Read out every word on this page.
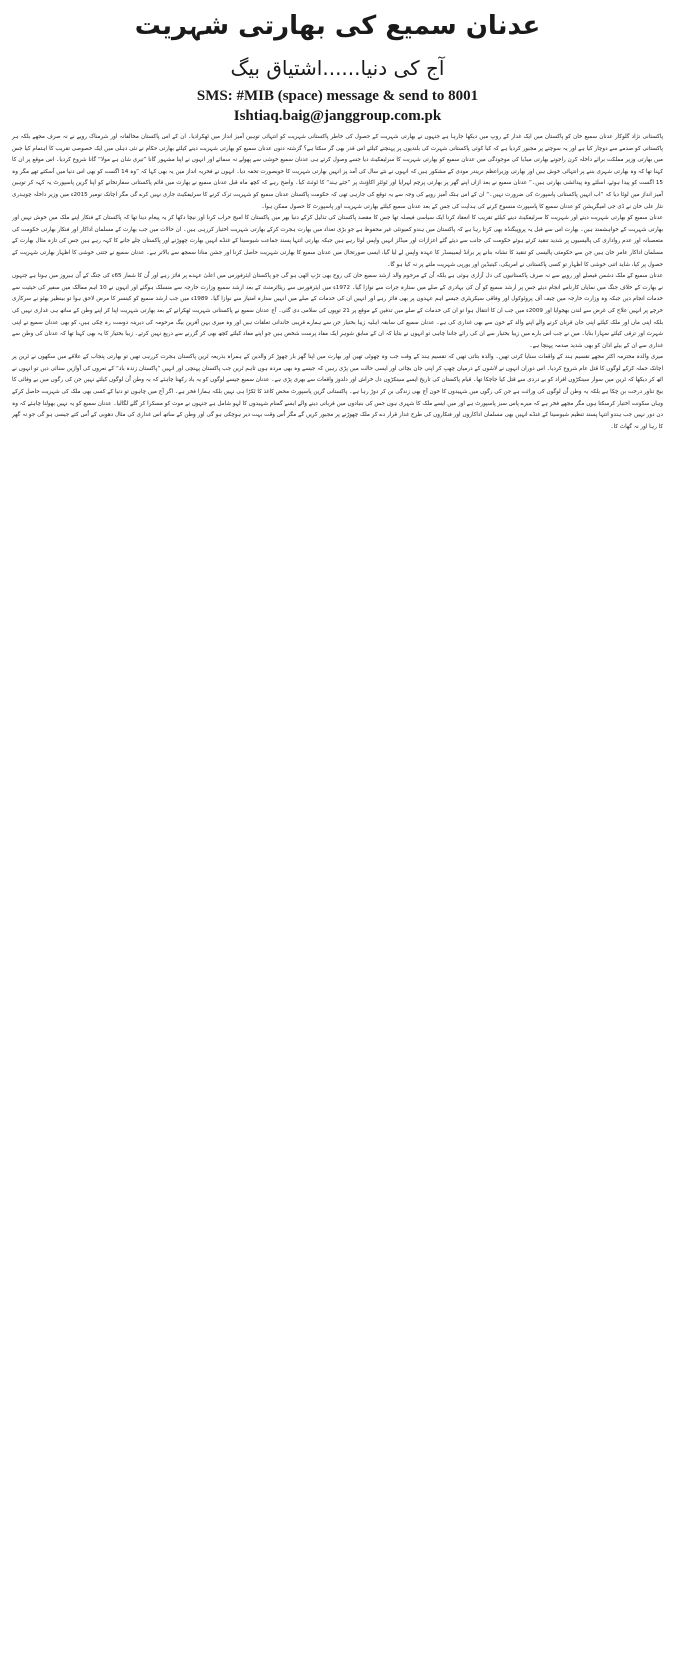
عدنان سمیع کی بھارتی شہریت
آج کی دنیا......اشتیاق بیگ
SMS: #MIB (space) message & send to 8001
Ishtiaq.baig@janggroup.com.pk

پاکستانی نژاد گلوکار عدنان سمیع خان کو پاکستان میں ایک غدار کے روپ میں دیکھا جارہا ہے جنہوں نے بھارتی شہریت کے حصول کی خاطر پاکستانی شہریت کو انتہائی توہین آمیز انداز میں ٹھکرادیا۔ ان کے اس پاکستان مخالفانہ اور شرمناک رویے نے نہ صرف مجھے بلکہ ہر پاکستانی کو صدمے سے دوچار کیا ہے اور یہ سوچنے پر مجبور کردیا ہے کہ کیا کوئی پاکستانی شہرت کی بلندیوں پر پہنچنے کیلئے اس قدر بھی گر سکتا ہے؟ گزشتہ دنوں عدنان سمیع کو بھارتی شہریت دینے کیلئے بھارتی حکام نے نئی دہلی میں ایک خصوصی تقریب کا اہتمام کیا جس میں بھارتی وزیر مملکت برائے داخلہ کرن راجونے بھارتی میڈیا کی موجودگی میں عدنان سمیع کو بھارتی شہریت کا سرٹیفکیٹ دیا جسے وصول کرتے ہی عدنان سمیع خوشی سے پھولے نہ سمائے اور انہوں نے اپنا مشہور گانا ”تیری شان ہے مولا“ گانا شروع کردیا۔ اس موقع پر ان کا کہنا تھا کہ وہ بھارتی شہری بننے پر انتہائی خوش ہیں اور بھارتی وزیراعظم نریندر مودی کے مشکور ہیں کہ انہوں نے نئے سال کی آمد پر انہیں بھارتی شہریت کا خوبصورت تحفہ دیا۔ انہوں نے فخریہ انداز میں یہ بھی کہا کہ ”وہ 14 اگست کو بھی اس دنیا میں آسکتے تھے مگر وہ 15 اگست کو پیدا ہوئے، اسلئے وہ پیدائشی بھارتی ہیں۔“ عدنان سمیع نے بعد ازاں اپنے گھر پر بھارتی پرچم لہرایا اور ٹوئٹر اکاؤنٹ پر ”جئے ہند“ کا ٹوئٹ کیا۔ واضح رہے کہ کچھ ماہ قبل عدنان سمیع نے بھارت میں قائم پاکستانی سفارتخانے کو اپنا گرین پاسپورٹ یہ کہہ کر توہین آمیز انداز میں لوٹا دیا کہ ”اب انہیں پاکستانی پاسپورٹ کی ضرورت نہیں۔“ ان کے اس ہتک آمیز رویے کی وجہ سے یہ توقع کی جارہی تھی کہ حکومت پاکستان عدنان سمیع کو شہریت ترک کرنے کا سرٹیفکیٹ جاری نہیں کرے گی مگر اچانک نومبر 2015ء میں وزیر داخلہ چوہدری نثار علی خان نے ڈی جی امیگریشن کو عدنان سمیع کا پاسپورٹ منسوخ کرنے کی ہدایت کی جس کے بعد عدنان سمیع کیلئے بھارتی شہریت اور پاسپورٹ کا حصول ممکن ہوا۔

عدنان سمیع کو بھارتی شہریت دینے اور شہریت کا سرٹیفکیٹ دینے کیلئے تقریب کا انعقاد کرنا ایک سیاسی فیصلہ تھا جس کا مقصد پاکستان کی تذلیل کرکے دنیا بھر میں پاکستان کا امیج خراب کرنا اور نیچا دکھا کر یہ پیغام دینا تھا کہ پاکستان کے فنکار اپنے ملک میں خوش نہیں اور بھارتی شہریت کے خواہشمند ہیں۔ بھارت اس سے قبل یہ پروپیگنڈہ بھی کرتا رہا ہے کہ پاکستان میں ہندو کمیونٹی غیر محفوظ ہے جو بڑی تعداد میں بھارت ہجرت کرکے بھارتی شہریت اختیار کررہی ہیں۔ ان حالات میں جب بھارت کے مسلمان اداکار اور فنکار بھارتی حکومت کی متعصبانہ اور عدم رواداری کی پالیسیوں پر شدید تنقید کرتے ہوئے حکومت کی جانب سے دیئے گئے اعزازات اور میڈلز انہیں واپس لوٹا رہے ہیں جبکہ بھارتی انتہا پسند جماعت شیوسینا کے غنڈے انہیں بھارت چھوڑنے اور پاکستان چلے جانے کا کہہ رہے ہیں جس کی تازہ مثال بھارت کے مسلمان اداکار عامر خان ہیں جن سے حکومتی پالیسی کو تنقید کا نشانہ بنانے پر برانڈ ایمبیسڈر کا عہدہ واپس لے لیا گیا، ایسی صورتحال میں عدنان سمیع کا بھارتی شہریت حاصل کرنا اور جشن منانا سمجھ سے بالاتر ہے۔ عدنان سمیع نے جتنی خوشی کا اظہار بھارتی شہریت کے حصول پر کیا، شاید اتنی خوشی کا اظہار تو کسی پاکستانی نے امریکی، کینیڈین اور یورپی شہریت ملنے پر نہ کیا ہو گا۔

عدنان سمیع کے ملک دشمن فیصلے اور رویے سے نہ صرف پاکستانیوں کی دل آزاری ہوئی ہے بلکہ اُن کے مرحوم والد ارشد سمیع خان کی روح بھی تڑپ اٹھی ہو گی جو پاکستان ایئرفورس میں اعلیٰ عہدے پر فائز رہے اور اُن کا شمار 65ء کی جنگ کے اُن ہیروز میں ہوتا ہے جنہوں نے بھارت کے خلاف جنگ میں نمایاں کارنامے انجام دیئے جس پر ارشد سمیع کو اُن کی بہادری کے صلے میں ستارہ جرات سے نوازا گیا۔ 1972ء میں ایئرفورس سے ریٹائرمنٹ کے بعد ارشد سمیع وزارت خارجہ سے منسلک ہوگئے اور انہوں نے 10 اہم ممالک میں سفیر کی حیثیت سے خدمات انجام دیں جبکہ وہ وزارت خارجہ میں چیف آف پروٹوکول اور وفاقی سیکریٹری جیسے اہم عہدوں پر بھی فائز رہے اور انہیں ان کی خدمات کے صلے میں انہیں ستارہ امتیاز سے نوازا گیا۔ 1989ء میں جب ارشد سمیع کو کینسر کا مرض لاحق ہوا تو بینظیر بھٹو نے سرکاری خرچے پر انہیں علاج کی غرض سے لندن بھجوایا اور 2009ء میں جب ان کا انتقال ہوا تو ان کی خدمات کے صلے میں تدفین کے موقع پر 21 توپوں کی سلامی دی گئی۔ آج عدنان سمیع نے پاکستانی شہریت ٹھکرانے کے بعد بھارتی شہریت اپنا کر اپنے وطن کے ساتھ ہی غداری نہیں کی بلکہ اپنی ماں اور ملک کیلئے اپنی جان قربان کرنے والے اپنے والد کے خون سے بھی غداری کی ہے۔ عدنان سمیع کی سابقہ اہلیہ زیبا بختیار جن سے ہمارے قریبی خاندانی تعلقات ہیں اور وہ میری بہن آفرین بیگ مرحومہ کی دیرینہ دوست رہ چکی ہیں، کو بھی عدنان سمیع نے اپنی شہرت اور ترقی کیلئے سہارا بنایا۔ میں نے جب اس بارے میں زیبا بختیار سے ان کی رائے جاننا چاہی تو انہوں نے بتایا کہ ان کے سابق شوہر ایک مفاد پرست شخص ہیں جو اپنے مفاد کیلئے کچھ بھی کر گزرنے سے دریغ نہیں کرتے۔ زیبا بختیار کا یہ بھی کہنا تھا کہ عدنان کی وطن سے غداری سے ان کے بیٹے اذان کو بھی شدید صدمہ پہنچا ہے۔

میری والدہ محترمہ اکثر مجھے تقسیم ہند کے واقعات سنایا کرتی تھیں۔ والدہ بتاتی تھیں کہ تقسیم ہند کے وقت جب وہ چھوٹی تھیں اور بھارت میں اپنا گھر بار چھوڑ کر والدین کے ہمراہ بذریعہ ٹرین پاکستان ہجرت کررہی تھیں تو بھارتی پنجاب کے علاقے میں سکھوں نے ٹرین پر اچانک حملہ کرکے لوگوں کا قتل عام شروع کردیا۔ اس دوران انہوں نے لاشوں کے درمیان چھپ کر اپنی جان بچائی اور ایسی حالت میں پڑی رہیں کہ جیسے وہ بھی مردہ ہوں تاہم ٹرین جب پاکستان پہنچی اور انہیں ”پاکستان زندہ باد“ کے نعروں کی آوازیں سنائی دیں تو انہوں نے اٹھ کر دیکھا کہ ٹرین میں سوار سینکڑوں افراد کو بے دردی سے قتل کیا جاچکا تھا۔ قیام پاکستان کی تاریخ ایسے سینکڑوں دل خراش اور دلدوز واقعات سے بھری پڑی ہے۔ عدنان سمیع جیسے لوگوں کو یہ یاد رکھنا چاہئے کہ یہ وطن اُن لوگوں کیلئے نہیں جن کی رگوں میں بے وفائی کا بیج تناور درخت بن چکا ہے بلکہ یہ وطن اُن لوگوں کی وراثت ہے جن کی رگوں میں شہیدوں کا خون آج بھی زندگی بن کر دوڑ رہا ہے۔ پاکستانی گرین پاسپورٹ محض کاغذ کا ٹکڑا ہی نہیں بلکہ ہمارا فخر ہے۔ اگر آج میں چاہوں تو دنیا کے کسی بھی ملک کی شہریت حاصل کرکے وہاں سکونت اختیار کرسکتا ہوں مگر مجھے فخر ہے کہ میرے پاس سبز پاسپورٹ ہے اور میں ایسے ملک کا شہری ہوں جس کی بنیادوں میں قربانی دینے والے ایسے گمنام شہیدوں کا لہو شامل ہے جنہوں نے موت کو مسکرا کر گلے لگالیا۔ عدنان سمیع کو یہ نہیں بھولنا چاہئے کہ وہ دن دور نہیں جب ہندو انتہا پسند تنظیم شیوسینا کے غنڈے انہیں بھی مسلمان اداکاروں اور فنکاروں کی طرح غدار قرار دے کر ملک چھوڑنے پر مجبور کریں گے مگر اُس وقت بہت دیر ہوچکی ہو گی اور وطن کے ساتھ اس غداری کی مثال دھوبی کے اُس کتے جیسی ہو گی جو نہ گھر کا رہا اور نہ گھاٹ کا۔
